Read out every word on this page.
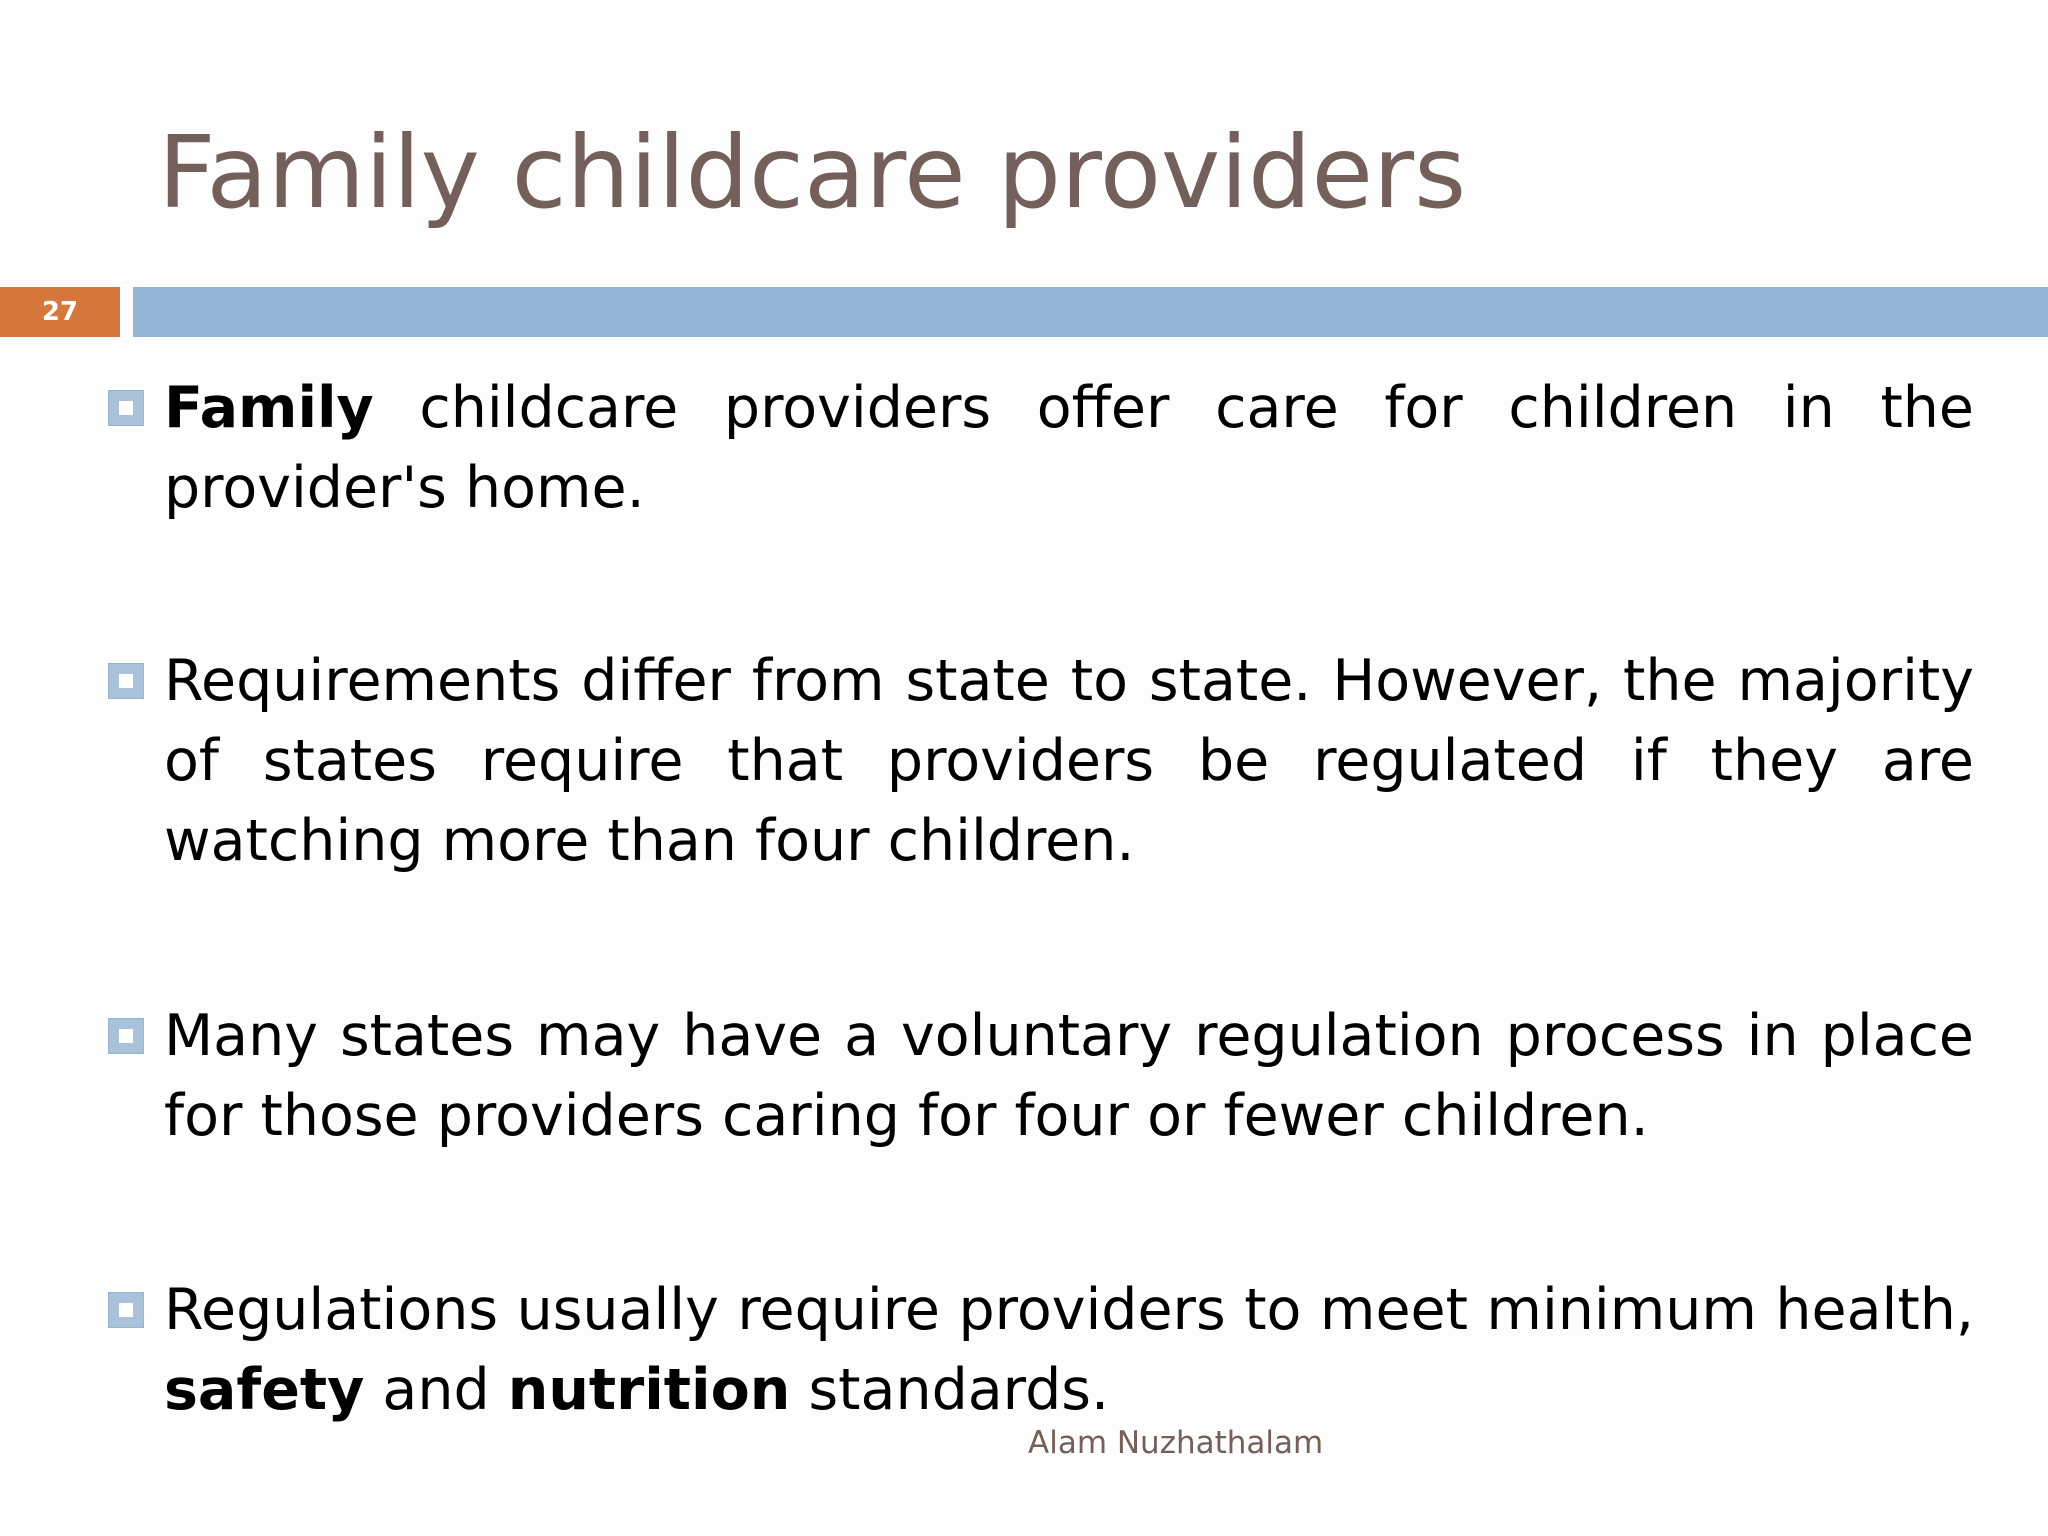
Family childcare providers
27

Family childcare providers offer care for children in the provider's home.

Requirements differ from state to state. However, the majority of states require that providers be regulated if they are watching more than four children.

Many states may have a voluntary regulation process in place for those providers caring for four or fewer children.

Regulations usually require providers to meet minimum health, safety and nutrition standards.

Alam Nuzhathalam
